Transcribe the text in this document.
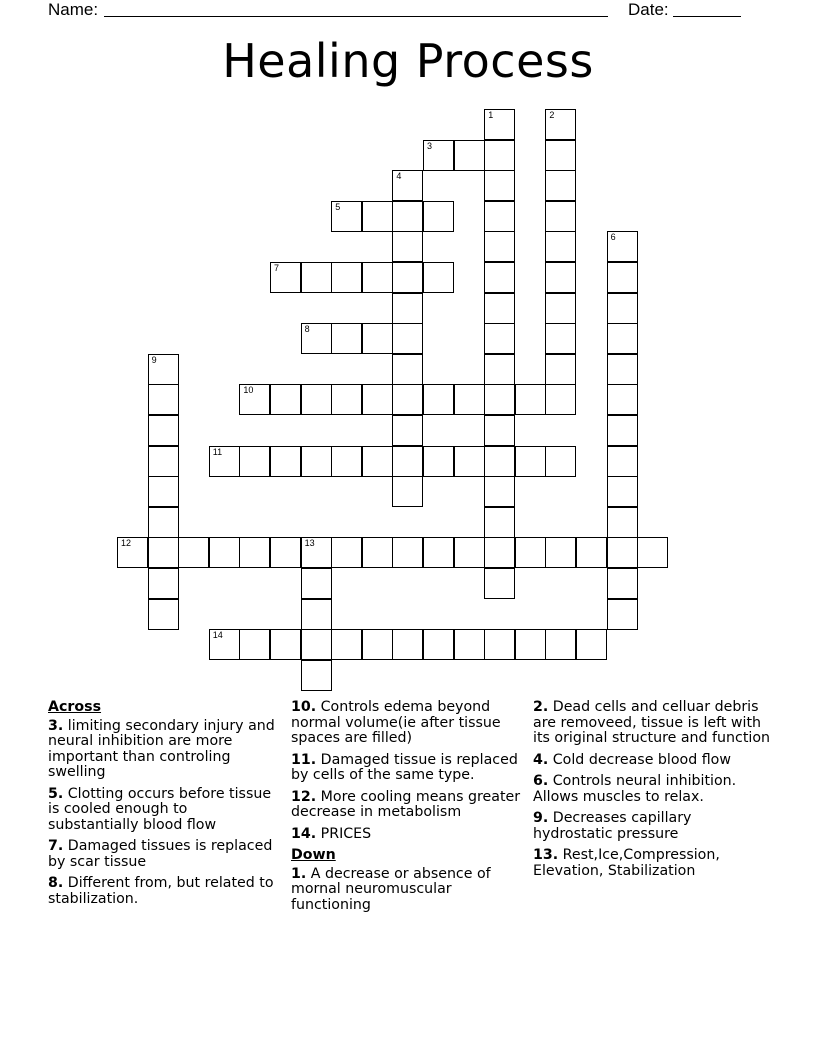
Name:	Date:
Healing Process
1	2
3
4
5
6
7
8
9
10
11
12	13
14
Across
3. limiting secondary injury and neural inhibition are more important than controling swelling
5. Clotting occurs before tissue is cooled enough to substantially blood flow
7. Damaged tissues is replaced by scar tissue
8. Different from, but related to stabilization.
10. Controls edema beyond normal volume(ie after tissue spaces are filled)
11. Damaged tissue is replaced by cells of the same type.
12. More cooling means greater decrease in metabolism
14. PRICES
Down
1. A decrease or absence of mornal neuromuscular functioning
2. Dead cells and celluar debris are removeed, tissue is left with its original structure and function
4. Cold decrease blood flow
6. Controls neural inhibition. Allows muscles to relax.
9. Decreases capillary hydrostatic pressure
13. Rest,Ice,Compression, Elevation, Stabilization
